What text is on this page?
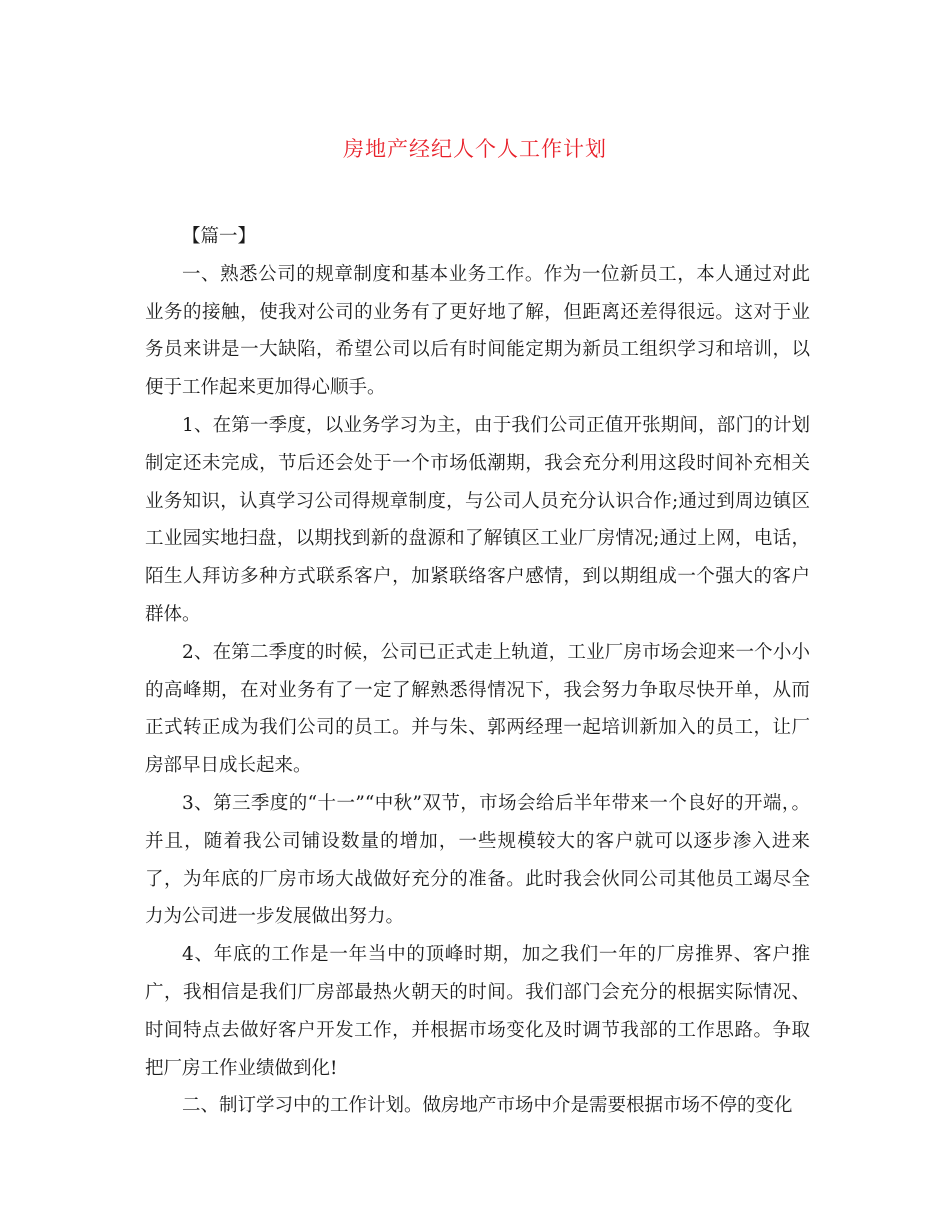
房地产经纪人个人工作计划

【篇一】

一、熟悉公司的规章制度和基本业务工作。作为一位新员工，本人通过对此业务的接触，使我对公司的业务有了更好地了解，但距离还差得很远。这对于业务员来讲是一大缺陷，希望公司以后有时间能定期为新员工组织学习和培训，以便于工作起来更加得心顺手。

1、在第一季度，以业务学习为主，由于我们公司正值开张期间，部门的计划制定还未完成，节后还会处于一个市场低潮期，我会充分利用这段时间补充相关业务知识，认真学习公司得规章制度，与公司人员充分认识合作;通过到周边镇区工业园实地扫盘，以期找到新的盘源和了解镇区工业厂房情况;通过上网，电话，陌生人拜访多种方式联系客户，加紧联络客户感情，到以期组成一个强大的客户群体。

2、在第二季度的时候，公司已正式走上轨道，工业厂房市场会迎来一个小小的高峰期，在对业务有了一定了解熟悉得情况下，我会努力争取尽快开单，从而正式转正成为我们公司的员工。并与朱、郭两经理一起培训新加入的员工，让厂房部早日成长起来。

3、第三季度的“十一”“中秋”双节，市场会给后半年带来一个良好的开端，。并且，随着我公司铺设数量的增加，一些规模较大的客户就可以逐步渗入进来了，为年底的厂房市场大战做好充分的准备。此时我会伙同公司其他员工竭尽全力为公司进一步发展做出努力。

4、年底的工作是一年当中的顶峰时期，加之我们一年的厂房推界、客户推广，我相信是我们厂房部最热火朝天的时间。我们部门会充分的根据实际情况、时间特点去做好客户开发工作，并根据市场变化及时调节我部的工作思路。争取把厂房工作业绩做到化!

二、制订学习中的工作计划。做房地产市场中介是需要根据市场不停的变化
